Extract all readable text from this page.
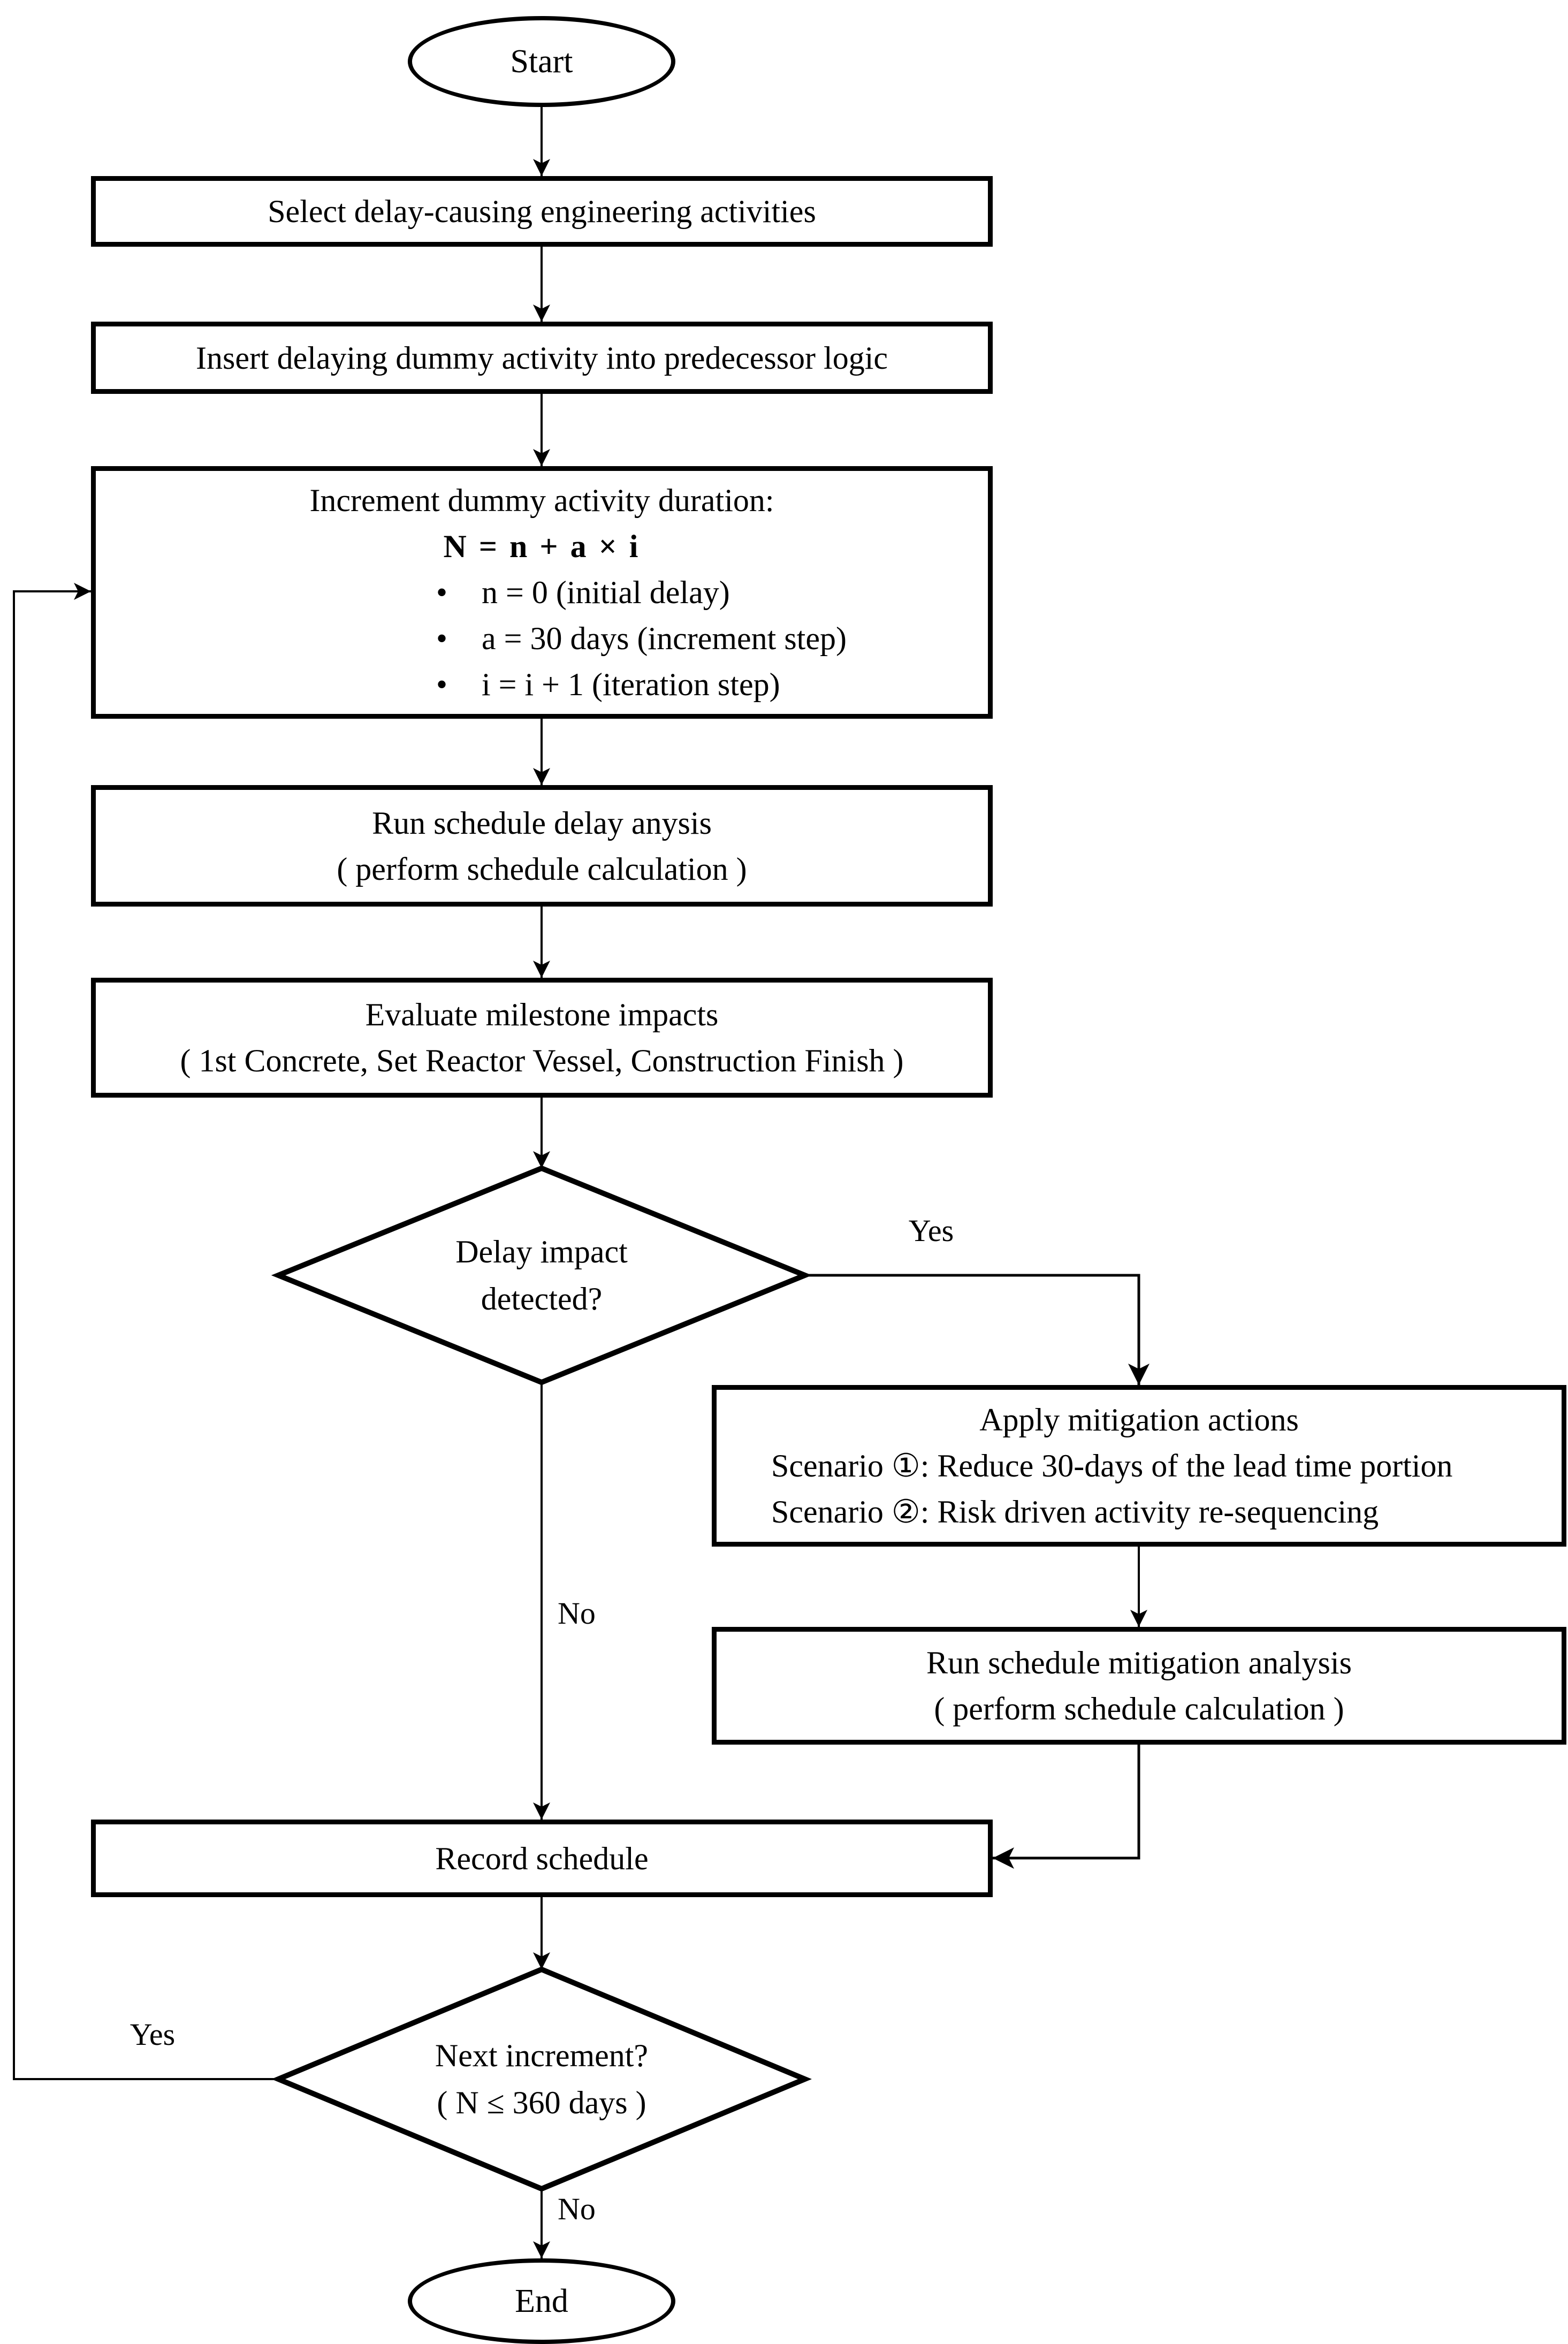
Start
Select delay-causing engineering activities
Insert delaying dummy activity into predecessor logic
Increment dummy activity duration:
N = n + a × i
•	n = 0 (initial delay)
•	a = 30 days (increment step)
•	i = i + 1 (iteration step)
Run schedule delay anysis
( perform schedule calculation )
Evaluate milestone impacts
( 1st Concrete, Set Reactor Vessel, Construction Finish )
Delay impact
detected?
Apply mitigation actions
Scenario ①: Reduce 30-days of the lead time portion
Scenario ②: Risk driven activity re-sequencing
Run schedule mitigation analysis
( perform schedule calculation )
Record schedule
Next increment?
( N ≤ 360 days )
End
Yes
No
Yes
No
